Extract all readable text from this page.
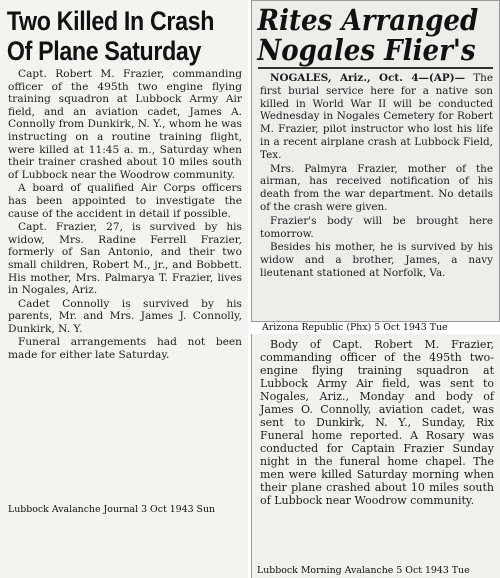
Two Killed In Crash Of Plane Saturday

Capt. Robert M. Frazier, commanding officer of the 495th two engine flying training squadron at Lubbock Army Air field, and an aviation cadet, James A. Connolly from Dunkirk, N. Y., whom he was instructing on a routine training flight, were killed at 11:45 a. m., Saturday when their trainer crashed about 10 miles south of Lubbock near the Woodrow community.

A board of qualified Air Corps officers has been appointed to investigate the cause of the accident in detail if possible.

Capt. Frazier, 27, is survived by his widow, Mrs. Radine Ferrell Frazier, formerly of San Antonio, and their two small children, Robert M., jr., and Bobbett. His mother, Mrs. Palmarya T. Frazier, lives in Nogales, Ariz.

Cadet Connolly is survived by his parents, Mr. and Mrs. James J. Connolly, Dunkirk, N. Y.

Funeral arrangements had not been made for either late Saturday.

Lubbock Avalanche Journal 3 Oct 1943 Sun
Rites Arranged Nogales Flier's

NOGALES, Ariz., Oct. 4—(AP)— The first burial service here for a native son killed in World War II will be conducted Wednesday in Nogales Cemetery for Robert M. Frazier, pilot instructor who lost his life in a recent airplane crash at Lubbock Field, Tex.

Mrs. Palmyra Frazier, mother of the airman, has received notification of his death from the war department. No details of the crash were given.

Frazier's body will be brought here tomorrow.

Besides his mother, he is survived by his widow and a brother, James, a navy lieutenant stationed at Norfolk, Va.

Arizona Republic (Phx) 5 Oct 1943 Tue

Body of Capt. Robert M. Frazier, commanding officer of the 495th two-engine flying training squadron at Lubbock Army Air field, was sent to Nogales, Ariz., Monday and body of James O. Connolly, aviation cadet, was sent to Dunkirk, N. Y., Sunday, Rix Funeral home reported. A Rosary was conducted for Captain Frazier Sunday night in the funeral home chapel. The men were killed Saturday morning when their plane crashed about 10 miles south of Lubbock near Woodrow community.

Lubbock Morning Avalanche 5 Oct 1943 Tue
